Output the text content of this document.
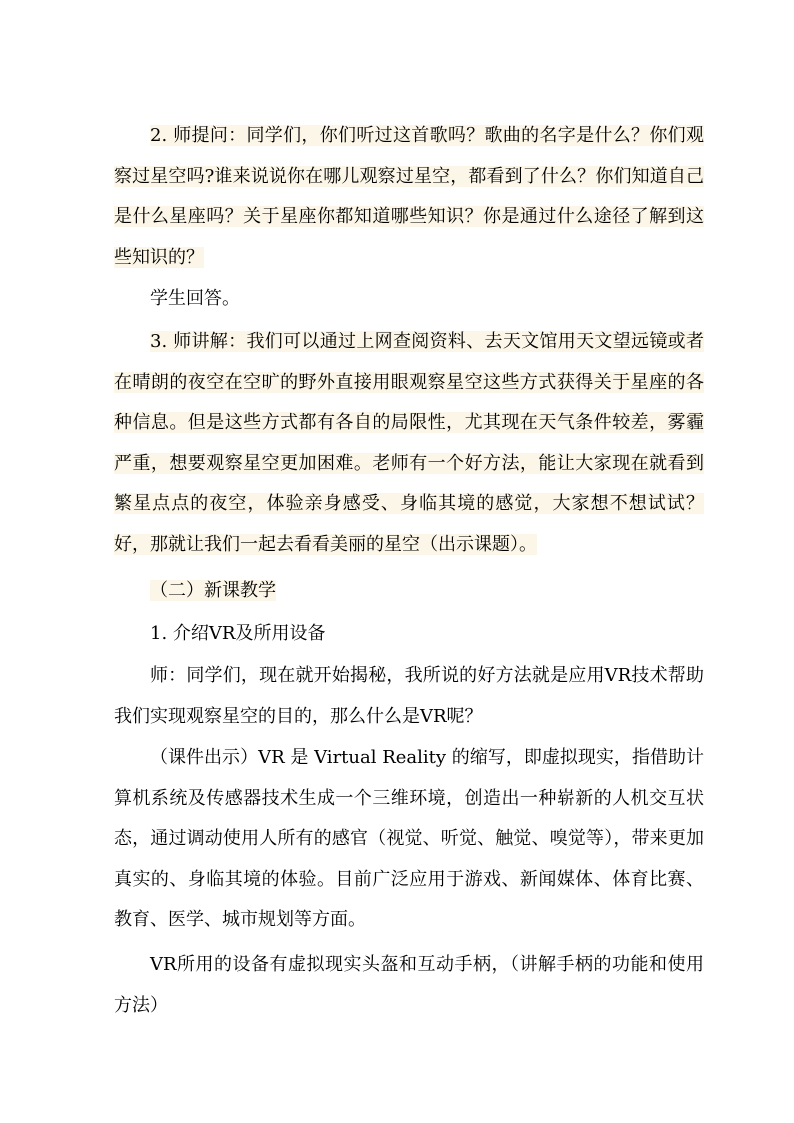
2. 师提问：同学们，你们听过这首歌吗？歌曲的名字是什么？你们观察过星空吗?谁来说说你在哪儿观察过星空，都看到了什么？你们知道自己是什么星座吗？关于星座你都知道哪些知识？你是通过什么途径了解到这些知识的？

学生回答。

3. 师讲解：我们可以通过上网查阅资料、去天文馆用天文望远镜或者在晴朗的夜空在空旷的野外直接用眼观察星空这些方式获得关于星座的各种信息。但是这些方式都有各自的局限性，尤其现在天气条件较差，雾霾严重，想要观察星空更加困难。老师有一个好方法，能让大家现在就看到繁星点点的夜空，体验亲身感受、身临其境的感觉，大家想不想试试？好，那就让我们一起去看看美丽的星空（出示课题）。

（二）新课教学

1. 介绍VR及所用设备

师：同学们，现在就开始揭秘，我所说的好方法就是应用VR技术帮助我们实现观察星空的目的，那么什么是VR呢？

（课件出示）VR 是 Virtual Reality 的缩写，即虚拟现实，指借助计算机系统及传感器技术生成一个三维环境，创造出一种崭新的人机交互状态，通过调动使用人所有的感官（视觉、听觉、触觉、嗅觉等），带来更加真实的、身临其境的体验。目前广泛应用于游戏、新闻媒体、体育比赛、教育、医学、城市规划等方面。

VR所用的设备有虚拟现实头盔和互动手柄，（讲解手柄的功能和使用方法）
